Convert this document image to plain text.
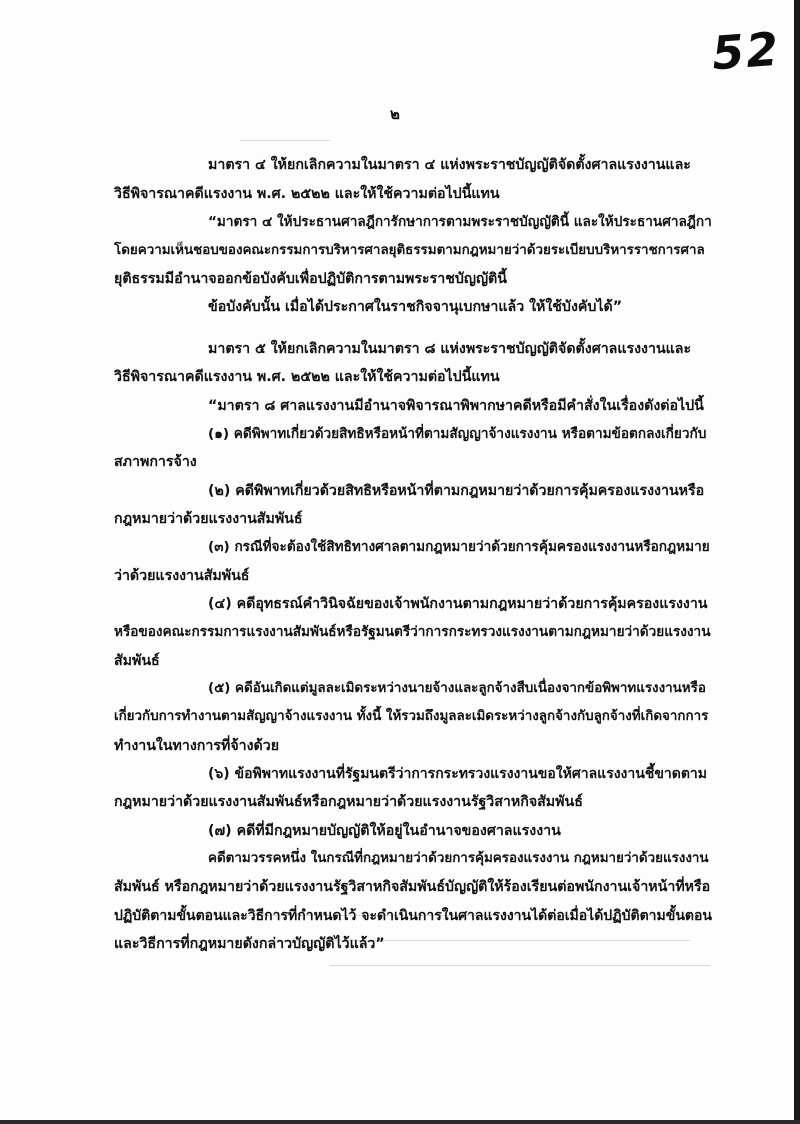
52
๒
มาตรา ๔ ให้ยกเลิกความในมาตรา ๔ แห่งพระราชบัญญัติจัดตั้งศาลแรงงานและ
วิธีพิจารณาคดีแรงงาน พ.ศ. ๒๕๒๒ และให้ใช้ความต่อไปนี้แทน
“มาตรา ๔ ให้ประธานศาลฎีการักษาการตามพระราชบัญญัตินี้ และให้ประธานศาลฎีกา
โดยความเห็นชอบของคณะกรรมการบริหารศาลยุติธรรมตามกฎหมายว่าด้วยระเบียบบริหารราชการศาล
ยุติธรรมมีอำนาจออกข้อบังคับเพื่อปฏิบัติการตามพระราชบัญญัตินี้
ข้อบังคับนั้น เมื่อได้ประกาศในราชกิจจานุเบกษาแล้ว ให้ใช้บังคับได้”
มาตรา ๕ ให้ยกเลิกความในมาตรา ๘ แห่งพระราชบัญญัติจัดตั้งศาลแรงงานและ
วิธีพิจารณาคดีแรงงาน พ.ศ. ๒๕๒๒ และให้ใช้ความต่อไปนี้แทน
“มาตรา ๘ ศาลแรงงานมีอำนาจพิจารณาพิพากษาคดีหรือมีคำสั่งในเรื่องดังต่อไปนี้
(๑) คดีพิพาทเกี่ยวด้วยสิทธิหรือหน้าที่ตามสัญญาจ้างแรงงาน หรือตามข้อตกลงเกี่ยวกับ
สภาพการจ้าง
(๒) คดีพิพาทเกี่ยวด้วยสิทธิหรือหน้าที่ตามกฎหมายว่าด้วยการคุ้มครองแรงงานหรือ
กฎหมายว่าด้วยแรงงานสัมพันธ์
(๓) กรณีที่จะต้องใช้สิทธิทางศาลตามกฎหมายว่าด้วยการคุ้มครองแรงงานหรือกฎหมาย
ว่าด้วยแรงงานสัมพันธ์
(๔) คดีอุทธรณ์คำวินิจฉัยของเจ้าพนักงานตามกฎหมายว่าด้วยการคุ้มครองแรงงาน
หรือของคณะกรรมการแรงงานสัมพันธ์หรือรัฐมนตรีว่าการกระทรวงแรงงานตามกฎหมายว่าด้วยแรงงาน
สัมพันธ์
(๕) คดีอันเกิดแต่มูลละเมิดระหว่างนายจ้างและลูกจ้างสืบเนื่องจากข้อพิพาทแรงงานหรือ
เกี่ยวกับการทำงานตามสัญญาจ้างแรงงาน ทั้งนี้ ให้รวมถึงมูลละเมิดระหว่างลูกจ้างกับลูกจ้างที่เกิดจากการ
ทำงานในทางการที่จ้างด้วย
(๖) ข้อพิพาทแรงงานที่รัฐมนตรีว่าการกระทรวงแรงงานขอให้ศาลแรงงานชี้ขาดตาม
กฎหมายว่าด้วยแรงงานสัมพันธ์หรือกฎหมายว่าด้วยแรงงานรัฐวิสาหกิจสัมพันธ์
(๗) คดีที่มีกฎหมายบัญญัติให้อยู่ในอำนาจของศาลแรงงาน
คดีตามวรรคหนึ่ง ในกรณีที่กฎหมายว่าด้วยการคุ้มครองแรงงาน กฎหมายว่าด้วยแรงงาน
สัมพันธ์ หรือกฎหมายว่าด้วยแรงงานรัฐวิสาหกิจสัมพันธ์บัญญัติให้ร้องเรียนต่อพนักงานเจ้าหน้าที่หรือ
ปฏิบัติตามขั้นตอนและวิธีการที่กำหนดไว้ จะดำเนินการในศาลแรงงานได้ต่อเมื่อได้ปฏิบัติตามขั้นตอน
และวิธีการที่กฎหมายดังกล่าวบัญญัติไว้แล้ว”
